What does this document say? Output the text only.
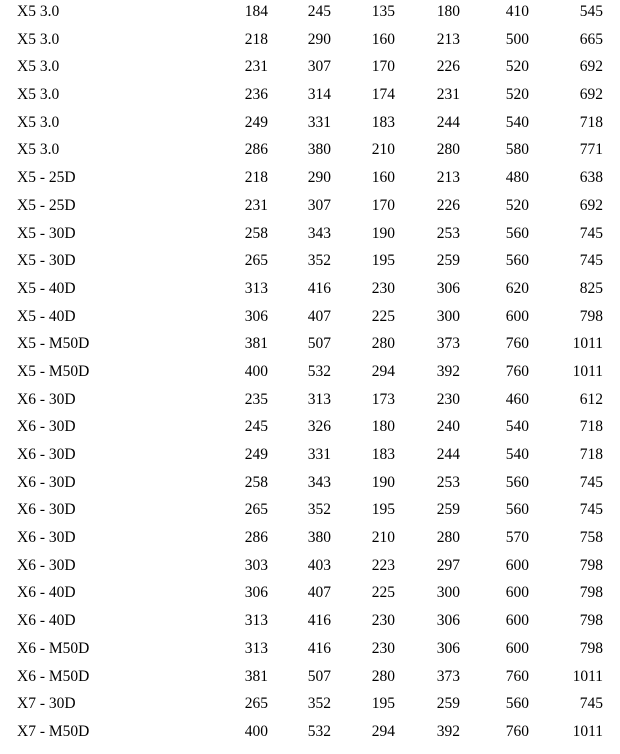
X5 3.0	184	245	135	180	410	545
X5 3.0	218	290	160	213	500	665
X5 3.0	231	307	170	226	520	692
X5 3.0	236	314	174	231	520	692
X5 3.0	249	331	183	244	540	718
X5 3.0	286	380	210	280	580	771
X5 - 25D	218	290	160	213	480	638
X5 - 25D	231	307	170	226	520	692
X5 - 30D	258	343	190	253	560	745
X5 - 30D	265	352	195	259	560	745
X5 - 40D	313	416	230	306	620	825
X5 - 40D	306	407	225	300	600	798
X5 - M50D	381	507	280	373	760	1011
X5 - M50D	400	532	294	392	760	1011
X6 - 30D	235	313	173	230	460	612
X6 - 30D	245	326	180	240	540	718
X6 - 30D	249	331	183	244	540	718
X6 - 30D	258	343	190	253	560	745
X6 - 30D	265	352	195	259	560	745
X6 - 30D	286	380	210	280	570	758
X6 - 30D	303	403	223	297	600	798
X6 - 40D	306	407	225	300	600	798
X6 - 40D	313	416	230	306	600	798
X6 - M50D	313	416	230	306	600	798
X6 - M50D	381	507	280	373	760	1011
X7 - 30D	265	352	195	259	560	745
X7 - M50D	400	532	294	392	760	1011
